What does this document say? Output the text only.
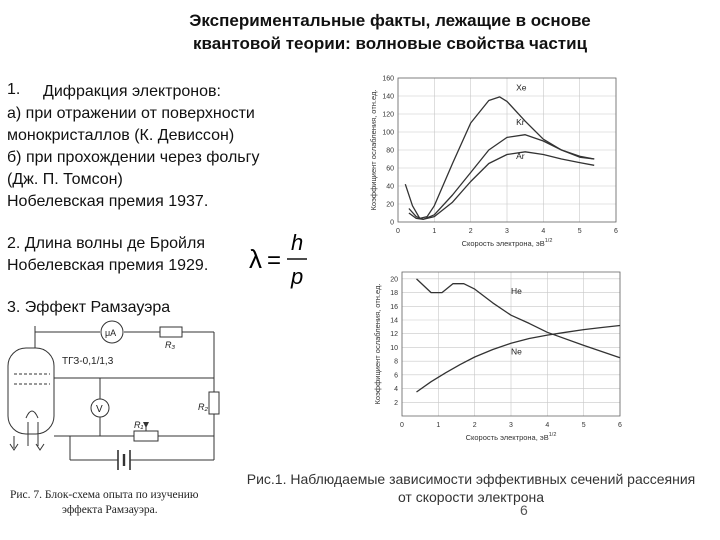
Экспериментальные факты, лежащие в основе
квантовой теории: волновые свойства частиц
1. Дифракция электронов:
а) при отражении от поверхности
монокристаллов (К. Девиссон)
б) при прохождении через фольгу
(Дж. П. Томсон)
Нобелевская премия 1937.
2. Длина волны де Бройля
Нобелевская премия 1929.
3. Эффект Рамзауэра
λ =
h
p
μA
V
ТГЗ-0,1/1,3
R₃
R₂
R₁
Рис. 7. Блок-схема опыта по изучению
эффекта Рамзауэра.
0	1	2	3	4	5	6
0
20
40
60
80
100
120
140
160
Скорость электрона, $эВ^{1/2}$
Коэффициент ослабления, отн.ед.
Xe
Kr
Ar
0	1	2	3	4	5	6
2
4
6
8
10
12
14
16
18
20
Скорость электрона, $эВ^{1/2}$
Коэффициент ослабления, отн.ед.	He
Ne
Рис.1. Наблюдаемые зависимости эффективных сечений рассеяния
от скорости электрона
6
